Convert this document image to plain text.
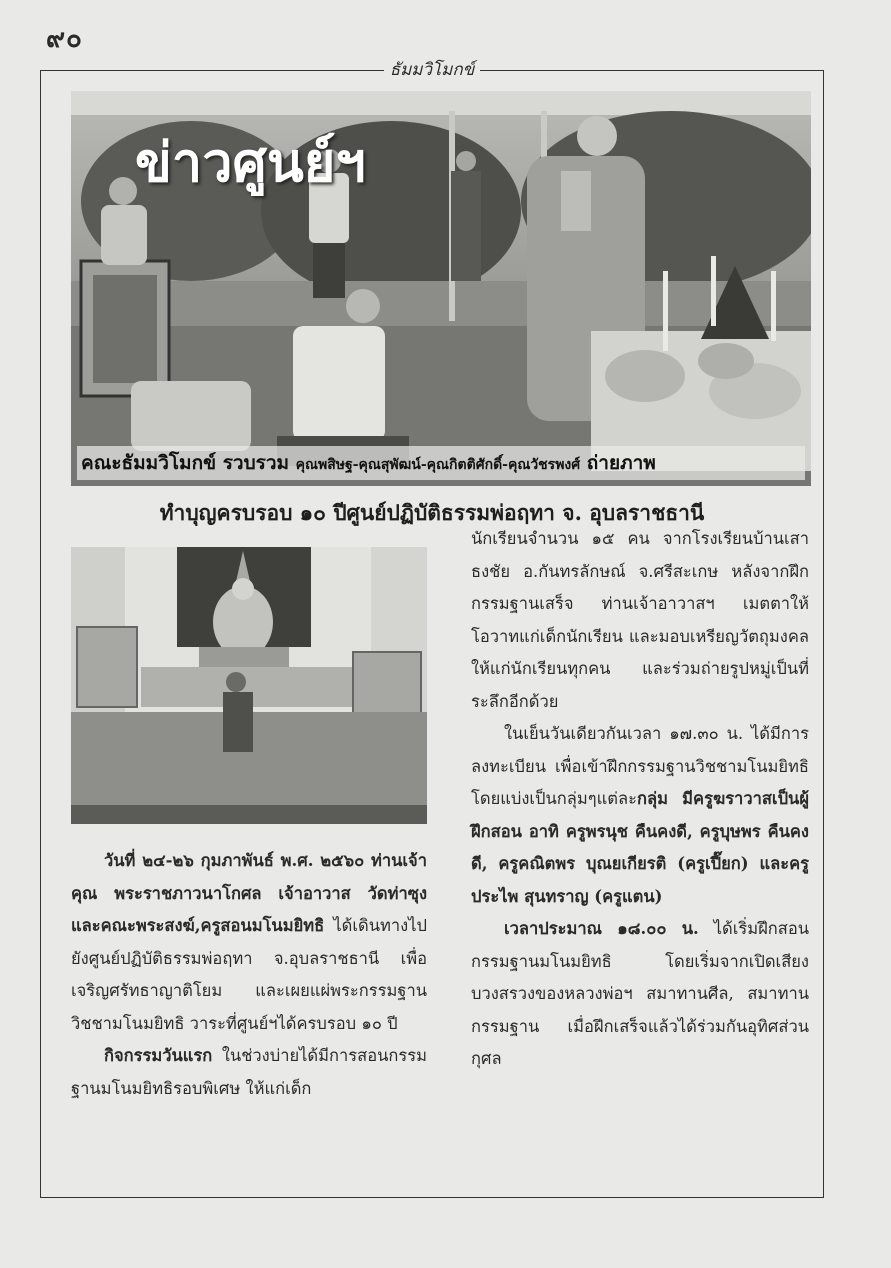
๙๐
ธัมมวิโมกข์
ข่าวศูนย์ฯ
คณะธัมมวิโมกข์ รวบรวม คุณพสิษฐ-คุณสุพัฒน์-คุณกิตติศักดิ์-คุณวัชรพงศ์ ถ่ายภาพ
ทำบุญครบรอบ ๑๐ ปีศูนย์ปฏิบัติธรรมพ่อฤทา จ. อุบลราชธานี

วันที่ ๒๔-๒๖ กุมภาพันธ์ พ.ศ. ๒๕๖๐ ท่านเจ้าคุณ พระราชภาวนาโกศล เจ้าอาวาส วัดท่าซุง และคณะพระสงฆ์,ครูสอนมโนมยิทธิ ได้เดินทางไปยังศูนย์ปฏิบัติธรรมพ่อฤทา จ.อุบลราชธานี เพื่อเจริญศรัทธาญาติโยม และเผยแผ่พระกรรมฐานวิชชามโนมยิทธิ วาระที่ศูนย์ฯได้ครบรอบ ๑๐ ปี

กิจกรรมวันแรก ในช่วงบ่ายได้มีการสอนกรรมฐานมโนมยิทธิรอบพิเศษ ให้แก่เด็ก

นักเรียนจำนวน ๑๕ คน จากโรงเรียนบ้านเสาธงชัย อ.กันทรลักษณ์ จ.ศรีสะเกษ หลังจากฝึกกรรมฐานเสร็จ ท่านเจ้าอาวาสฯ เมตตาให้โอวาทแก่เด็กนักเรียน และมอบเหรียญวัตถุมงคลให้แก่นักเรียนทุกคน และร่วมถ่ายรูปหมู่เป็นที่ระลึกอีกด้วย

ในเย็นวันเดียวกันเวลา ๑๗.๓๐ น. ได้มีการลงทะเบียน เพื่อเข้าฝึกกรรมฐานวิชชามโนมยิทธิ โดยแบ่งเป็นกลุ่มๆแต่ละกลุ่ม มีครูฆราวาสเป็นผู้ฝึกสอน อาทิ ครูพรนุช คืนคงดี, ครูบุษพร คืนคงดี, ครูคณิตพร บุณยเกียรติ (ครูเปี๊ยก) และครูประไพ สุนทราญ (ครูแตน)

เวลาประมาณ ๑๘.๐๐ น. ได้เริ่มฝึกสอนกรรมฐานมโนมยิทธิ โดยเริ่มจากเปิดเสียงบวงสรวงของหลวงพ่อฯ สมาทานศีล, สมาทานกรรมฐาน เมื่อฝึกเสร็จแล้วได้ร่วมกันอุทิศส่วนกุศล
